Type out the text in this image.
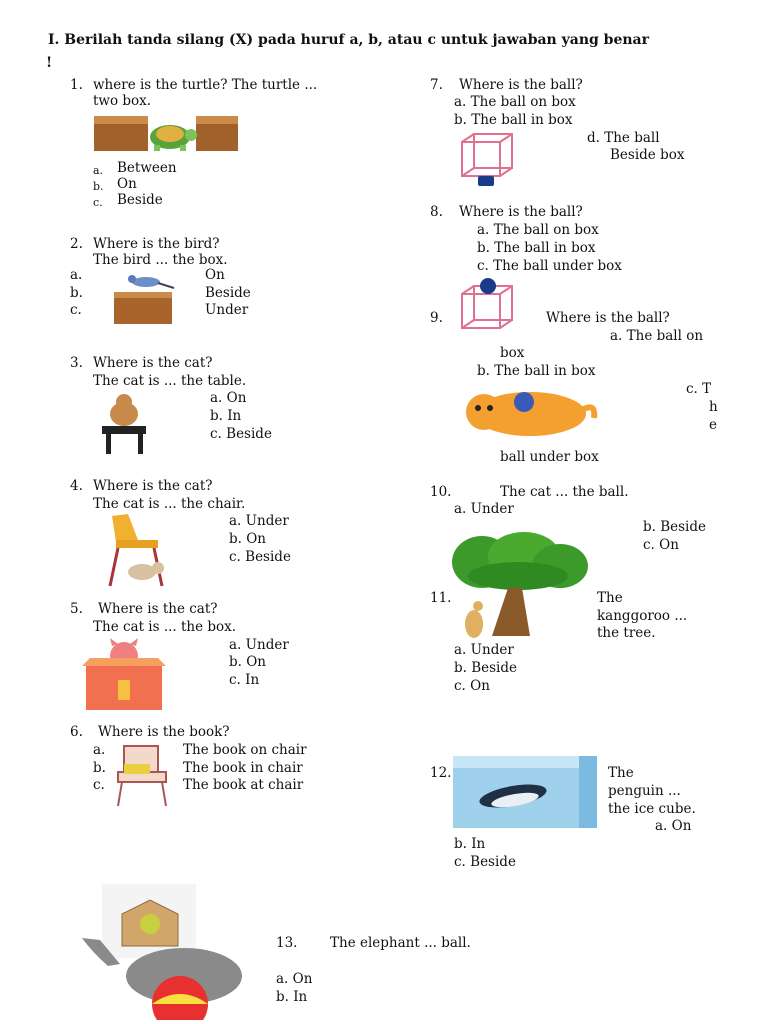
I. Berilah tanda silang (X) pada huruf a, b, atau c untuk jawaban yang benar
!
1. where is the turtle? The turtle ...
two box.
a. Between
b. On
c. Beside
2. Where is the bird?
The bird ... the box.
a.	On
b.	Beside
c.	Under
3. Where is the cat?
The cat is ... the table.
a. On
b. In
c. Beside
4. Where is the cat?
The cat is ... the chair.
a. Under
b. On
c. Beside
5. Where is the cat?
The cat is ... the box.
a. Under
b. On
c. In
6. Where is the book?
a.	The book on chair
b.	The book in chair
c.	The book at chair
13. The elephant ... ball.
a. On
b. In
7. Where is the ball?
a. The ball on box
b. The ball in box
d. The ball
Beside box
8. Where is the ball?
a. The ball on box
b. The ball in box
c. The ball under box
9.	Where is the ball?
a. The ball on
box
b. The ball in box
c. T
h
e
ball under box
10.	The cat ... the ball.
a. Under
b. Beside
c. On
11.	The
kanggoroo ...
the tree.
a. Under
b. Beside
c. On
12.	The
penguin ...
the ice cube.
a. On
b. In
c. Beside
